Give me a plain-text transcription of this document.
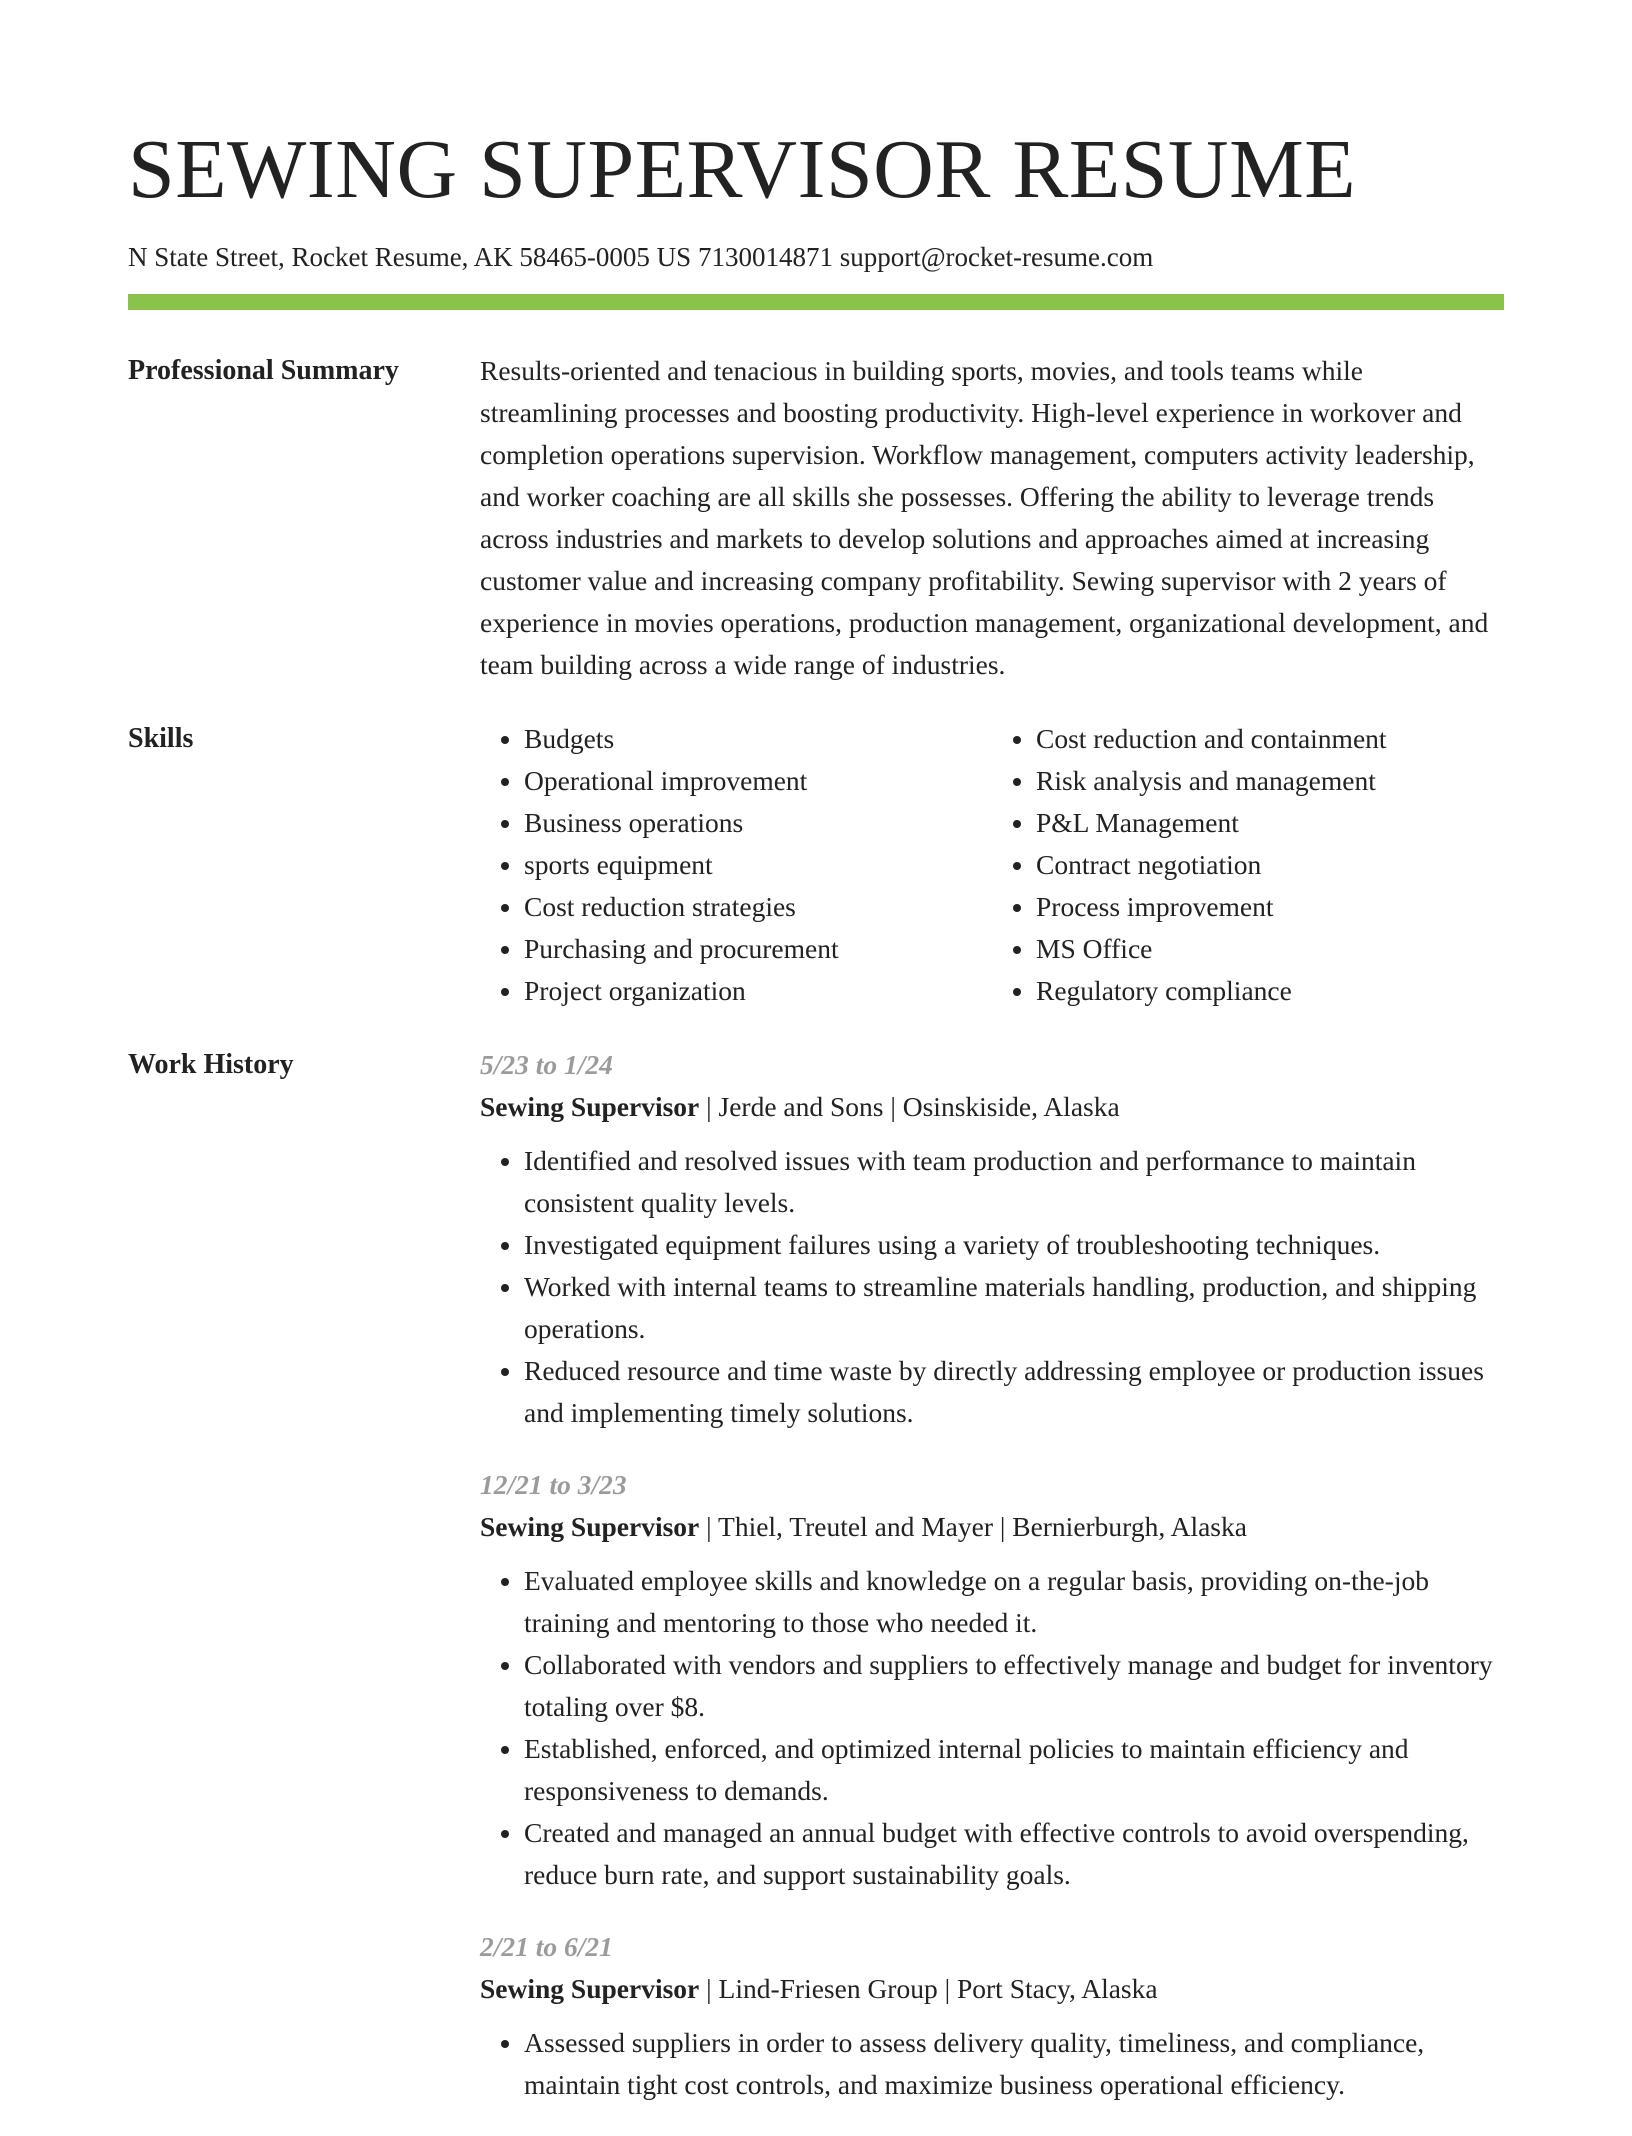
SEWING SUPERVISOR RESUME
N State Street, Rocket Resume, AK 58465-0005 US 7130014871 support@rocket-resume.com
Professional Summary	Results-oriented and tenacious in building sports, movies, and tools teams while streamlining processes and boosting productivity. High-level experience in workover and completion operations supervision. Workflow management, computers activity leadership, and worker coaching are all skills she possesses. Offering the ability to leverage trends across industries and markets to develop solutions and approaches aimed at increasing customer value and increasing company profitability. Sewing supervisor with 2 years of experience in movies operations, production management, organizational development, and team building across a wide range of industries.

Skills
•	Budgets
• Operational improvement
• Business operations
• sports equipment
• Cost reduction strategies
• Purchasing and procurement
• Project organization
• Cost reduction and containment
• Risk analysis and management
• P&L Management
• Contract negotiation
• Process improvement
• MS Office
• Regulatory compliance
Work History	5/23 to 1/24
Sewing Supervisor | Jerde and Sons | Osinskiside, Alaska
• Identified and resolved issues with team production and performance to maintain consistent quality levels.
• Investigated equipment failures using a variety of troubleshooting techniques.
• Worked with internal teams to streamline materials handling, production, and shipping operations.
• Reduced resource and time waste by directly addressing employee or production issues and implementing timely solutions.
12/21 to 3/23
Sewing Supervisor | Thiel, Treutel and Mayer | Bernierburgh, Alaska
• Evaluated employee skills and knowledge on a regular basis, providing on-the-job training and mentoring to those who needed it.
• Collaborated with vendors and suppliers to effectively manage and budget for inventory totaling over $8.
• Established, enforced, and optimized internal policies to maintain efficiency and responsiveness to demands.
• Created and managed an annual budget with effective controls to avoid overspending, reduce burn rate, and support sustainability goals.
2/21 to 6/21
Sewing Supervisor | Lind-Friesen Group | Port Stacy, Alaska
• Assessed suppliers in order to assess delivery quality, timeliness, and compliance, maintain tight cost controls, and maximize business operational efficiency.
